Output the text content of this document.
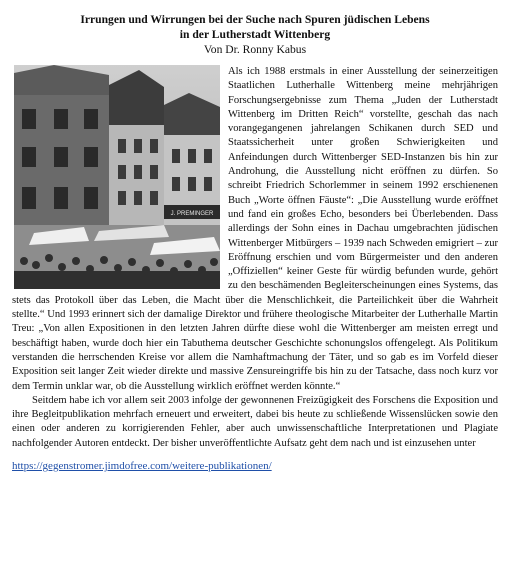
Irrungen und Wirrungen bei der Suche nach Spuren jüdischen Lebens
in der Lutherstadt Wittenberg
Von Dr. Ronny Kabus
J. PREMINGER

Als ich 1988 erstmals in einer Ausstellung der seinerzeitigen Staatlichen Lutherhalle Wittenberg meine mehrjährigen Forschungsergebnisse zum Thema „Juden der Lutherstadt Wittenberg im Dritten Reich“ vorstellte, geschah das nach vorangegangenen jahrelangen Schikanen durch SED und Staatssicherheit unter großen Schwierigkeiten und Anfeindungen durch Wittenberger SED-Instanzen bis hin zur Androhung, die Ausstellung nicht eröffnen zu dürfen. So schreibt Friedrich Schorlemmer in seinem 1992 erschienenen Buch „Worte öffnen Fäuste“: „Die Ausstellung wurde eröffnet und fand ein großes Echo, besonders bei Überlebenden. Dass allerdings der Sohn eines in Dachau umgebrachten jüdischen Wittenberger Mitbürgers – 1939 nach Schweden emigriert – zur Eröffnung erschien und vom Bürgermeister und den anderen „Offiziellen“ keiner Geste für würdig befunden wurde, gehört zu den beschämenden Begleiterscheinungen eines Systems, das stets das Protokoll über das Leben, die Macht über die Menschlichkeit, die Parteilichkeit über die Wahrheit stellte.“ Und 1993 erinnert sich der damalige Direktor und frühere theologische Mitarbeiter der Lutherhalle Martin Treu: „Von allen Expositionen in den letzten Jahren dürfte diese wohl die Wittenberger am meisten erregt und beschäftigt haben, wurde doch hier ein Tabuthema deutscher Geschichte schonungslos offengelegt. Als Politikum verstanden die herrschenden Kreise vor allem die Namhaftmachung der Täter, und so gab es im Vorfeld dieser Exposition seit langer Zeit wieder direkte und massive Zensureingriffe bis hin zu der Tatsache, dass noch kurz vor dem Termin unklar war, ob die Ausstellung wirklich eröffnet werden könnte.“

Seitdem habe ich vor allem seit 2003 infolge der gewonnenen Freizügigkeit des Forschens die Exposition und ihre Begleitpublikation mehrfach erneuert und erweitert, dabei bis heute zu schließende Wissenslücken sowie den einen oder anderen zu korrigierenden Fehler, aber auch unwissenschaftliche Interpretationen und Plagiate nachfolgender Autoren entdeckt. Der bisher unveröffentlichte Aufsatz geht dem nach und ist einzusehen unter

https://gegenstromer.jimdofree.com/weitere-publikationen/
